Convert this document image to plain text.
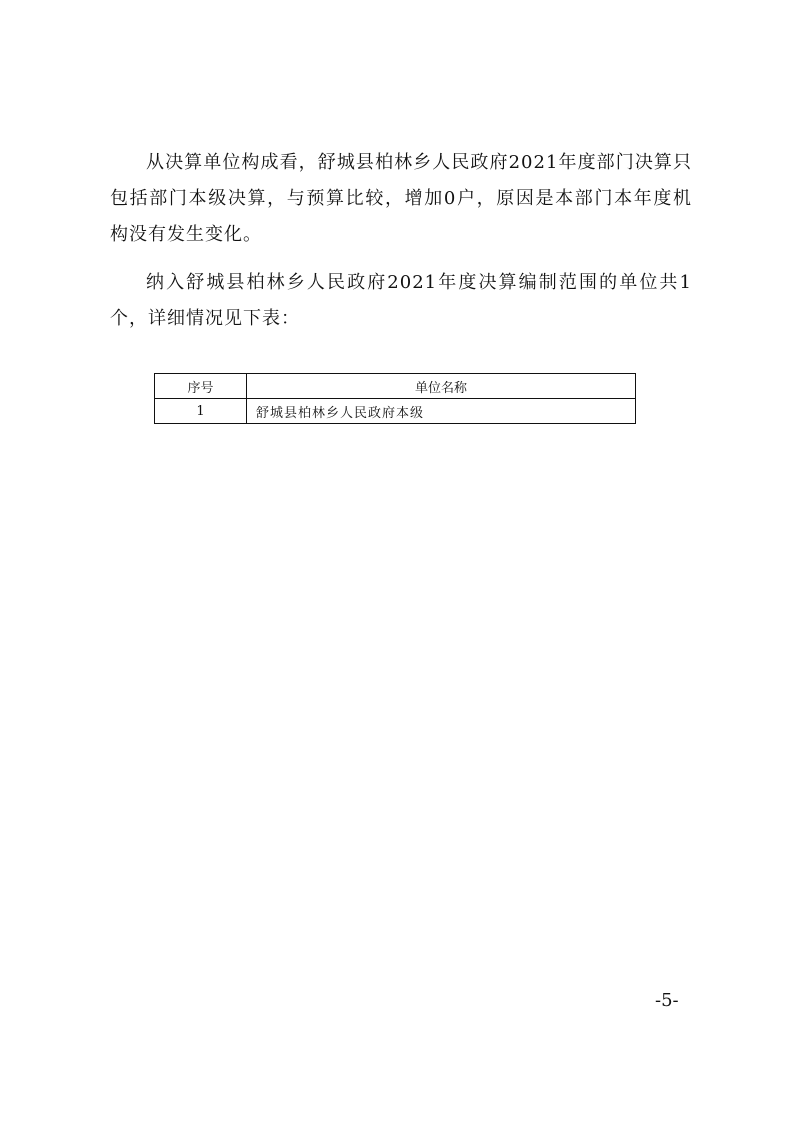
从决算单位构成看，舒城县柏林乡人民政府2021年度部门决算只包括部门本级决算，与预算比较，增加0户，原因是本部门本年度机构没有发生变化。

纳入舒城县柏林乡人民政府2021年度决算编制范围的单位共1个，详细情况见下表：

序号	单位名称
1	舒城县柏林乡人民政府本级
-5-
